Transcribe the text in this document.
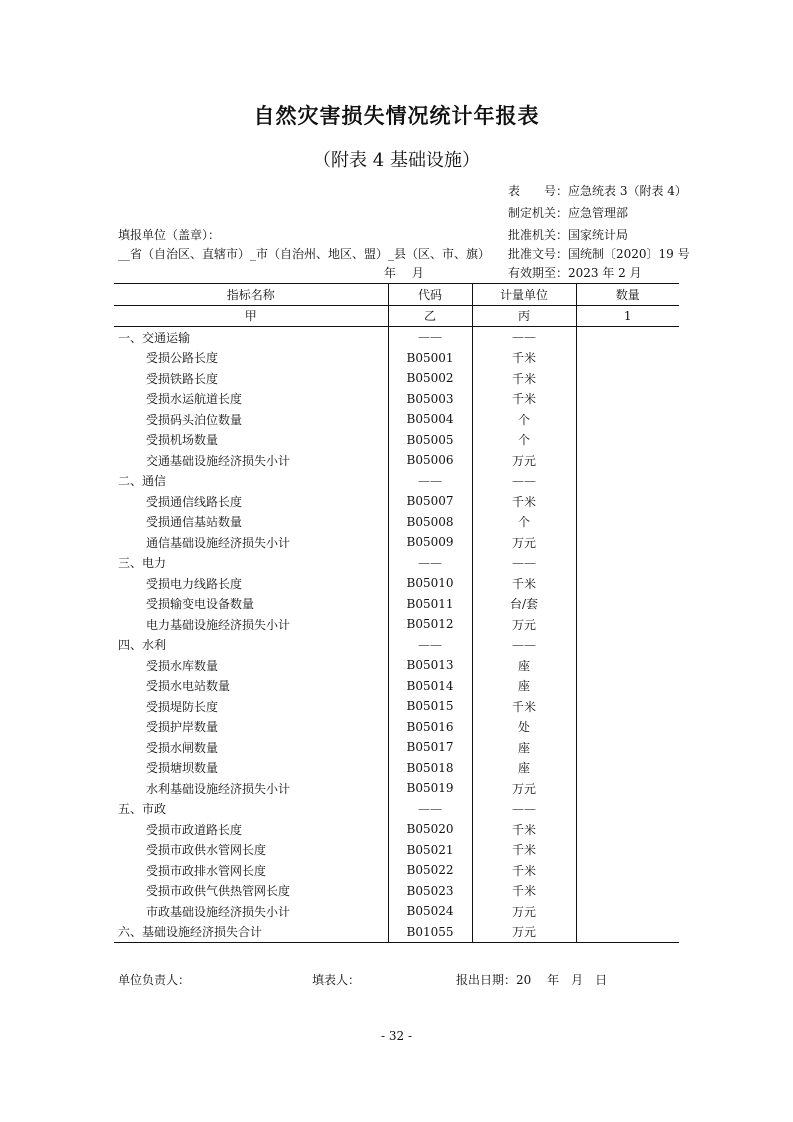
自然灾害损失情况统计年报表
（附表 4 基础设施）
表　　号：应急统表 3（附表 4）
制定机关：应急管理部
批准机关：国家统计局
填报单位（盖章）：
__省（自治区、直辖市）_市（自治州、地区、盟）_县（区、市、旗） 批准文号：国统制〔2020〕19 号
年　 月	有效期至：2023 年 2 月
指标名称	代码	计量单位	数量
甲	乙	丙	1
一、交通运输	——	——	
受损公路长度	B05001	千米	
受损铁路长度	B05002	千米	
受损水运航道长度	B05003	千米	
受损码头泊位数量	B05004	个	
受损机场数量	B05005	个	
交通基础设施经济损失小计	B05006	万元	
二、通信	——	——	
受损通信线路长度	B05007	千米	
受损通信基站数量	B05008	个	
通信基础设施经济损失小计	B05009	万元	
三、电力	——	——	
受损电力线路长度	B05010	千米	
受损输变电设备数量	B05011	台/套	
电力基础设施经济损失小计	B05012	万元	
四、水利	——	——	
受损水库数量	B05013	座	
受损水电站数量	B05014	座	
受损堤防长度	B05015	千米	
受损护岸数量	B05016	处	
受损水闸数量	B05017	座	
受损塘坝数量	B05018	座	
水利基础设施经济损失小计	B05019	万元	
五、市政	——	——	
受损市政道路长度	B05020	千米	
受损市政供水管网长度	B05021	千米	
受损市政排水管网长度	B05022	千米	
受损市政供气供热管网长度	B05023	千米	
市政基础设施经济损失小计	B05024	万元	
六、基础设施经济损失合计	B01055	万元	
单位负责人：	填表人：	报出日期：20　 年　月　日
- 32 -
